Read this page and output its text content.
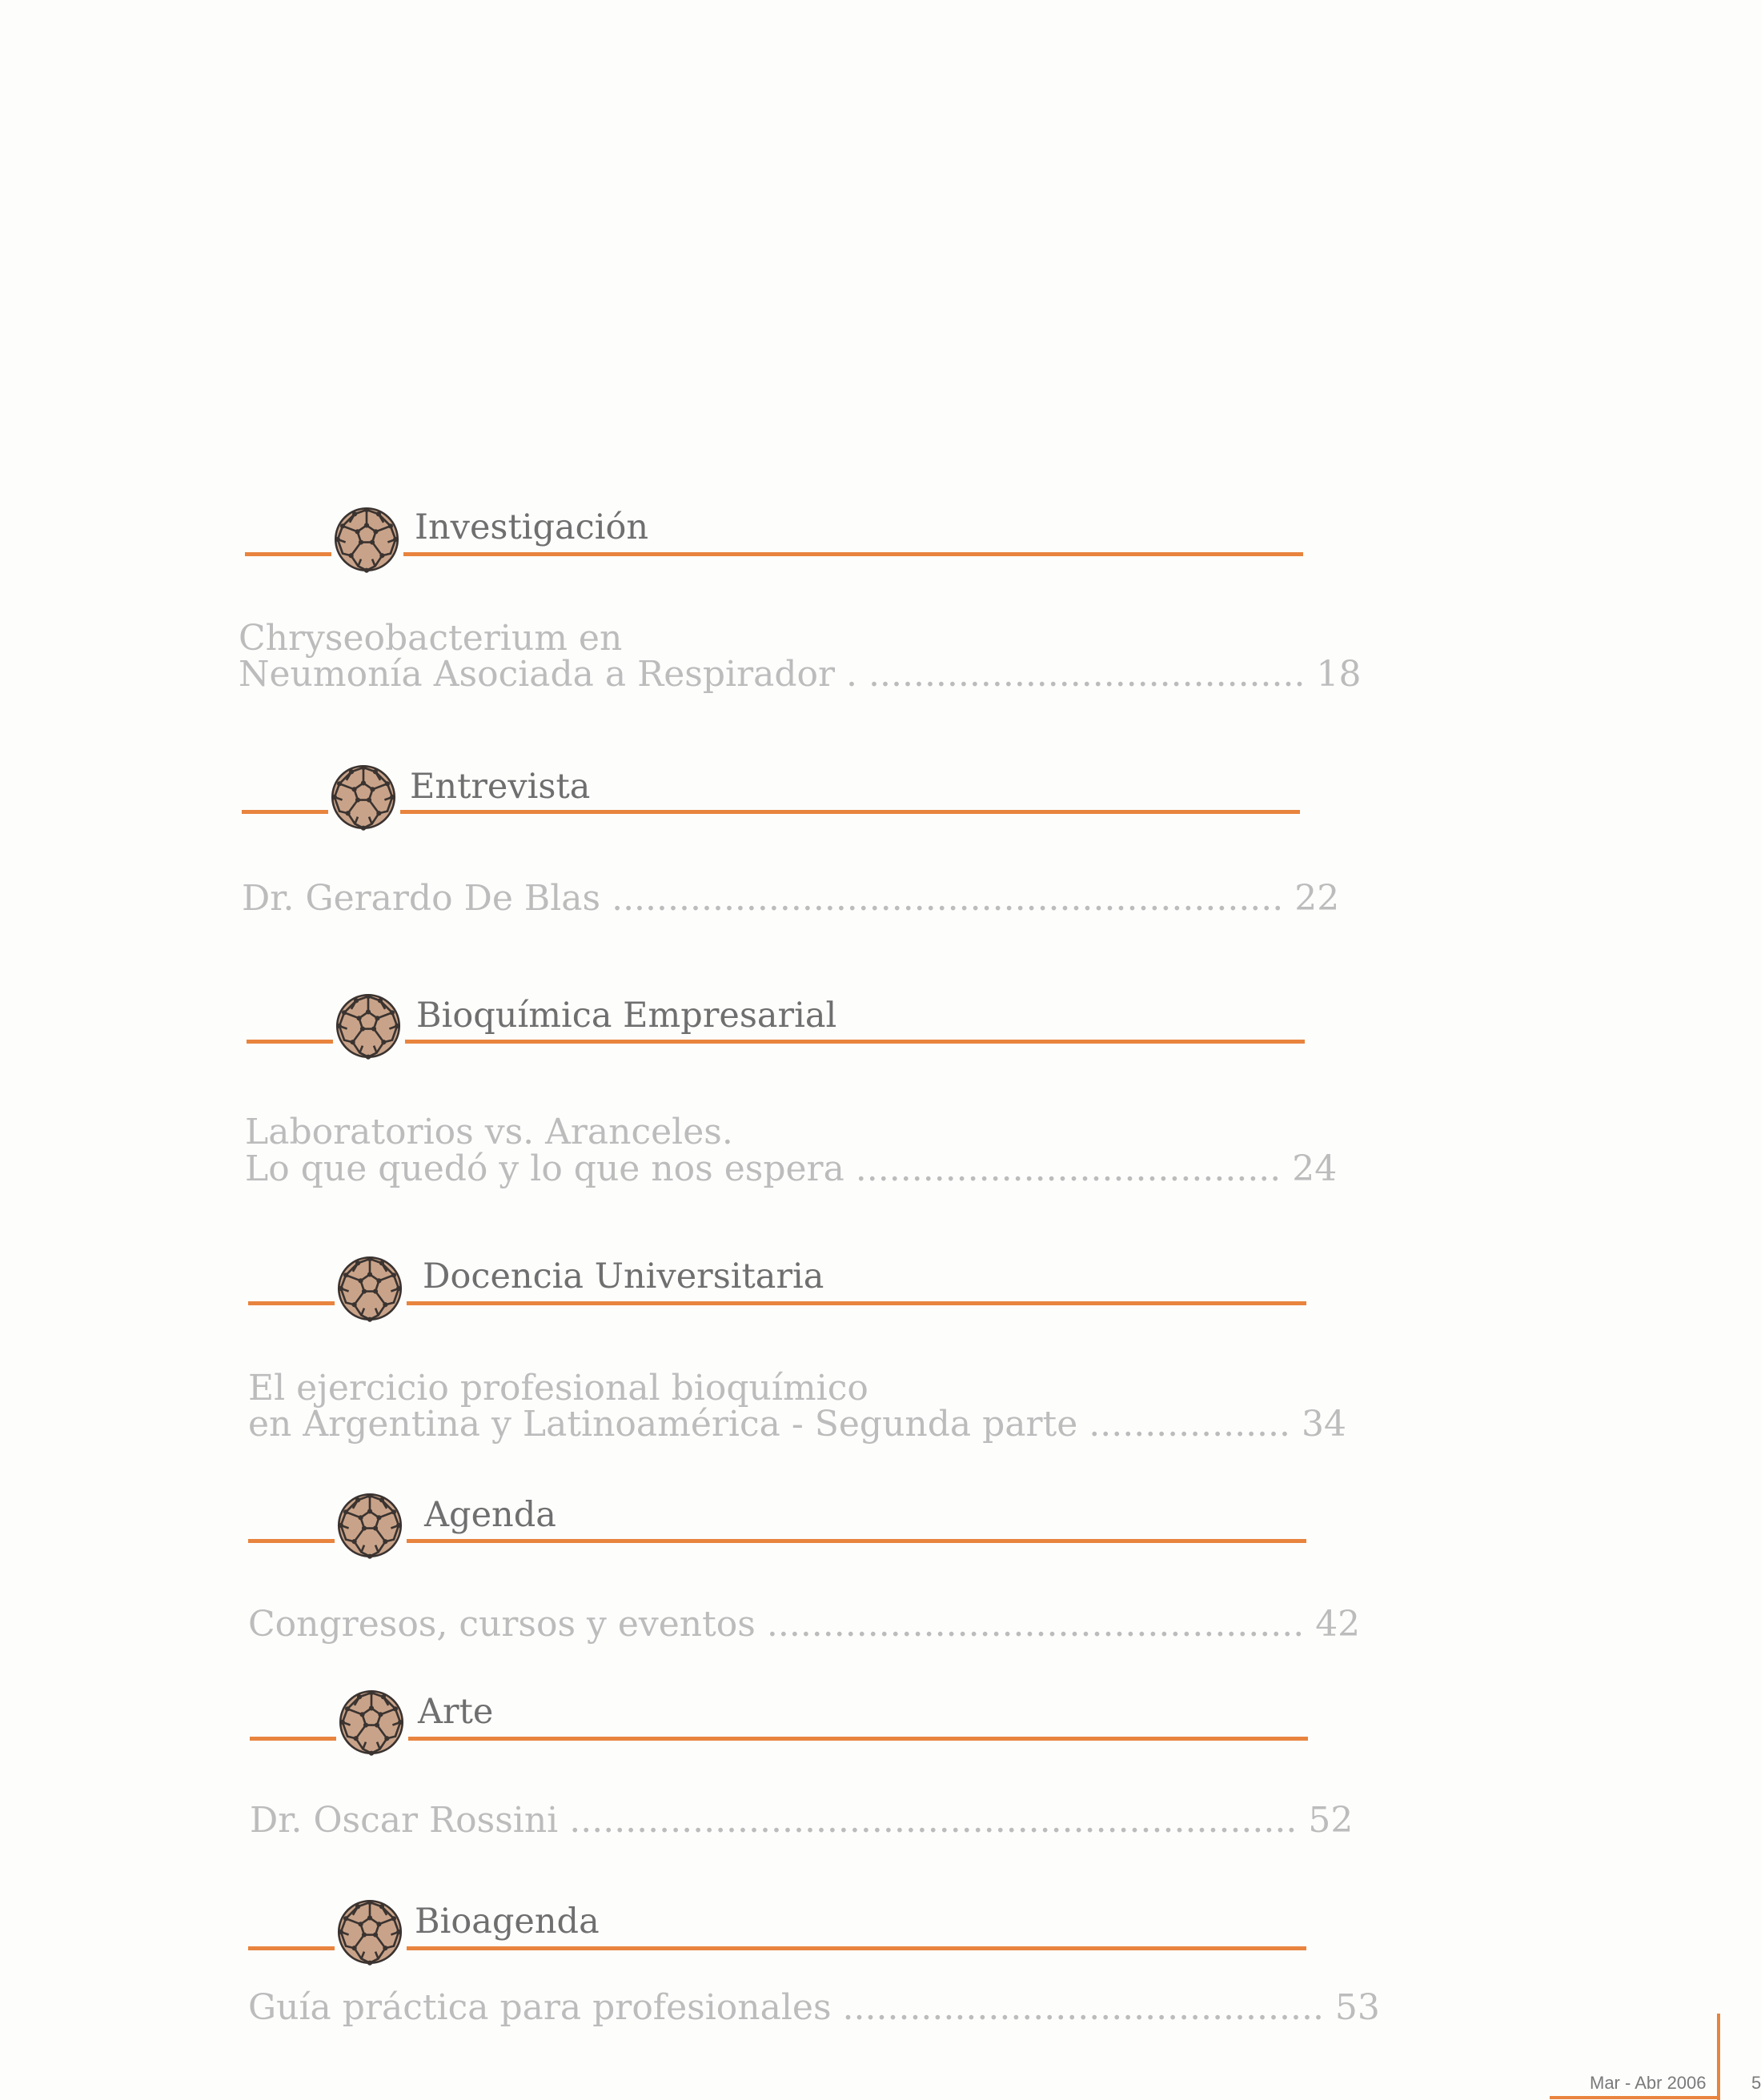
Investigación
Chryseobacterium en
Neumonía Asociada a Respirador . ....................................... 18
Entrevista
Dr. Gerardo De Blas ............................................................ 22
Bioquímica Empresarial
Laboratorios vs. Aranceles.
Lo que quedó y lo que nos espera ...................................... 24
Docencia Universitaria
El ejercicio profesional bioquímico
en Argentina y Latinoamérica - Segunda parte .................. 34
Agenda
Congresos, cursos y eventos ................................................ 42
Arte
Dr. Oscar Rossini ................................................................. 52
Bioagenda
Guía práctica para profesionales ........................................... 53
Mar - Abr 2006	5
